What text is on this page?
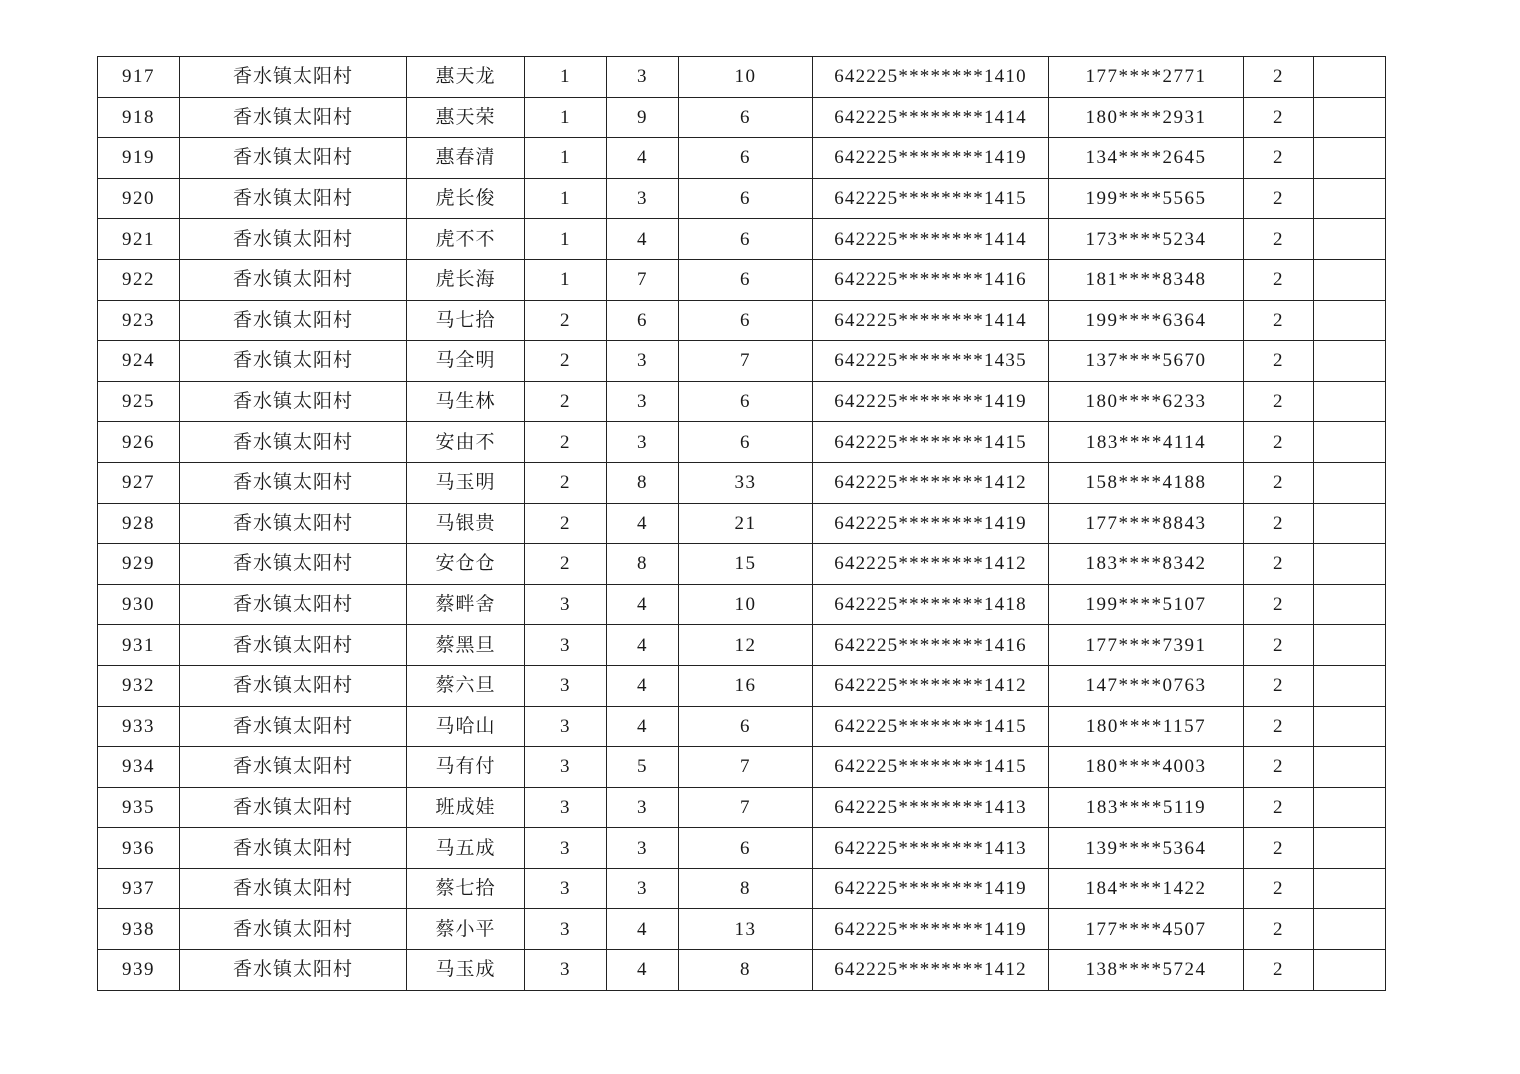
917	香水镇太阳村	惠天龙	1	3	10	642225********1410	177****2771	2	
918	香水镇太阳村	惠天荣	1	9	6	642225********1414	180****2931	2	
919	香水镇太阳村	惠春清	1	4	6	642225********1419	134****2645	2	
920	香水镇太阳村	虎长俊	1	3	6	642225********1415	199****5565	2	
921	香水镇太阳村	虎不不	1	4	6	642225********1414	173****5234	2	
922	香水镇太阳村	虎长海	1	7	6	642225********1416	181****8348	2	
923	香水镇太阳村	马七拾	2	6	6	642225********1414	199****6364	2	
924	香水镇太阳村	马全明	2	3	7	642225********1435	137****5670	2	
925	香水镇太阳村	马生林	2	3	6	642225********1419	180****6233	2	
926	香水镇太阳村	安由不	2	3	6	642225********1415	183****4114	2	
927	香水镇太阳村	马玉明	2	8	33	642225********1412	158****4188	2	
928	香水镇太阳村	马银贵	2	4	21	642225********1419	177****8843	2	
929	香水镇太阳村	安仓仓	2	8	15	642225********1412	183****8342	2	
930	香水镇太阳村	蔡畔舍	3	4	10	642225********1418	199****5107	2	
931	香水镇太阳村	蔡黑旦	3	4	12	642225********1416	177****7391	2	
932	香水镇太阳村	蔡六旦	3	4	16	642225********1412	147****0763	2	
933	香水镇太阳村	马哈山	3	4	6	642225********1415	180****1157	2	
934	香水镇太阳村	马有付	3	5	7	642225********1415	180****4003	2	
935	香水镇太阳村	班成娃	3	3	7	642225********1413	183****5119	2	
936	香水镇太阳村	马五成	3	3	6	642225********1413	139****5364	2	
937	香水镇太阳村	蔡七拾	3	3	8	642225********1419	184****1422	2	
938	香水镇太阳村	蔡小平	3	4	13	642225********1419	177****4507	2	
939	香水镇太阳村	马玉成	3	4	8	642225********1412	138****5724	2	
